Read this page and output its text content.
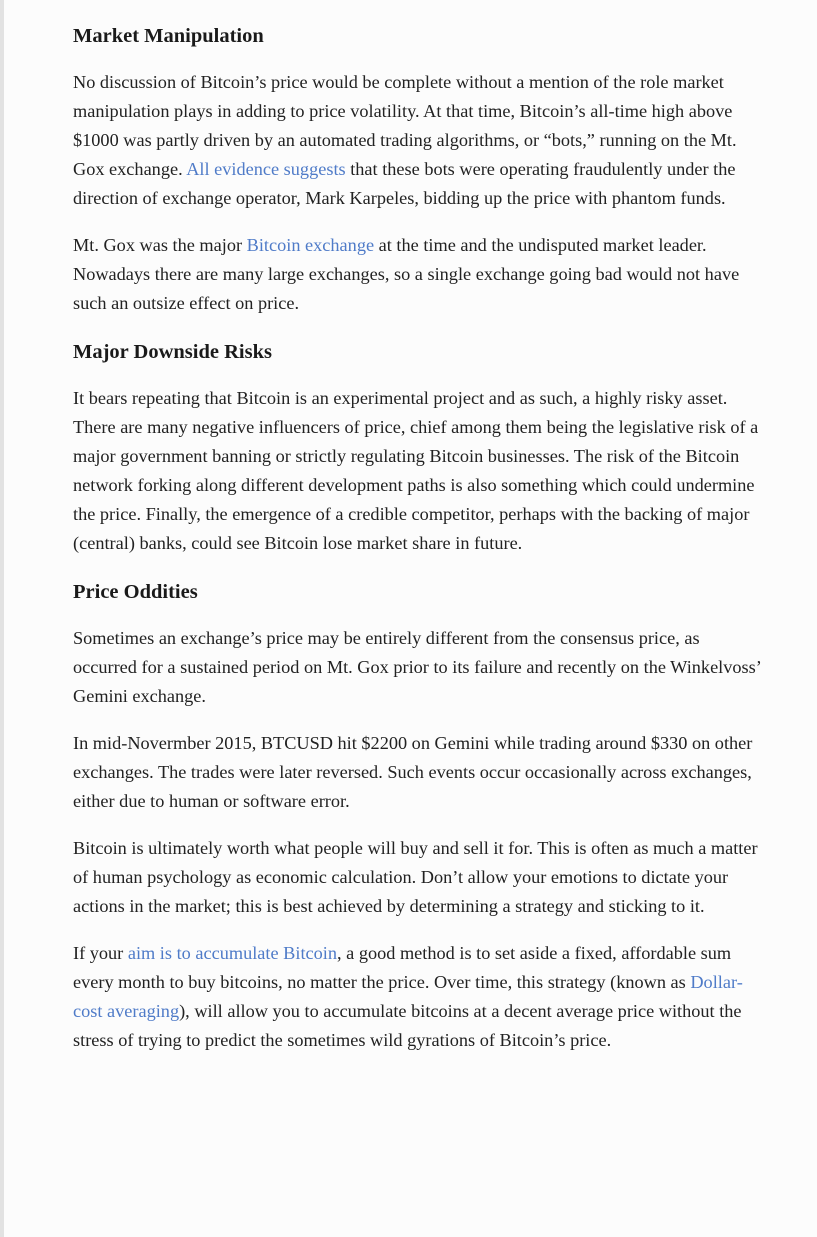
Market Manipulation

No discussion of Bitcoin’s price would be complete without a mention of the role market manipulation plays in adding to price volatility. At that time, Bitcoin’s all-time high above $1000 was partly driven by an automated trading algorithms, or “bots,” running on the Mt. Gox exchange. All evidence suggests that these bots were operating fraudulently under the direction of exchange operator, Mark Karpeles, bidding up the price with phantom funds.

Mt. Gox was the major Bitcoin exchange at the time and the undisputed market leader. Nowadays there are many large exchanges, so a single exchange going bad would not have such an outsize effect on price.

Major Downside Risks

It bears repeating that Bitcoin is an experimental project and as such, a highly risky asset. There are many negative influencers of price, chief among them being the legislative risk of a major government banning or strictly regulating Bitcoin businesses. The risk of the Bitcoin network forking along different development paths is also something which could undermine the price. Finally, the emergence of a credible competitor, perhaps with the backing of major (central) banks, could see Bitcoin lose market share in future.

Price Oddities

Sometimes an exchange’s price may be entirely different from the consensus price, as occurred for a sustained period on Mt. Gox prior to its failure and recently on the Winkelvoss’ Gemini exchange.

In mid-Novermber 2015, BTCUSD hit $2200 on Gemini while trading around $330 on other exchanges. The trades were later reversed. Such events occur occasionally across exchanges, either due to human or software error.

Bitcoin is ultimately worth what people will buy and sell it for. This is often as much a matter of human psychology as economic calculation. Don’t allow your emotions to dictate your actions in the market; this is best achieved by determining a strategy and sticking to it.

If your aim is to accumulate Bitcoin, a good method is to set aside a fixed, affordable sum every month to buy bitcoins, no matter the price. Over time, this strategy (known as Dollar-cost averaging), will allow you to accumulate bitcoins at a decent average price without the stress of trying to predict the sometimes wild gyrations of Bitcoin’s price.
